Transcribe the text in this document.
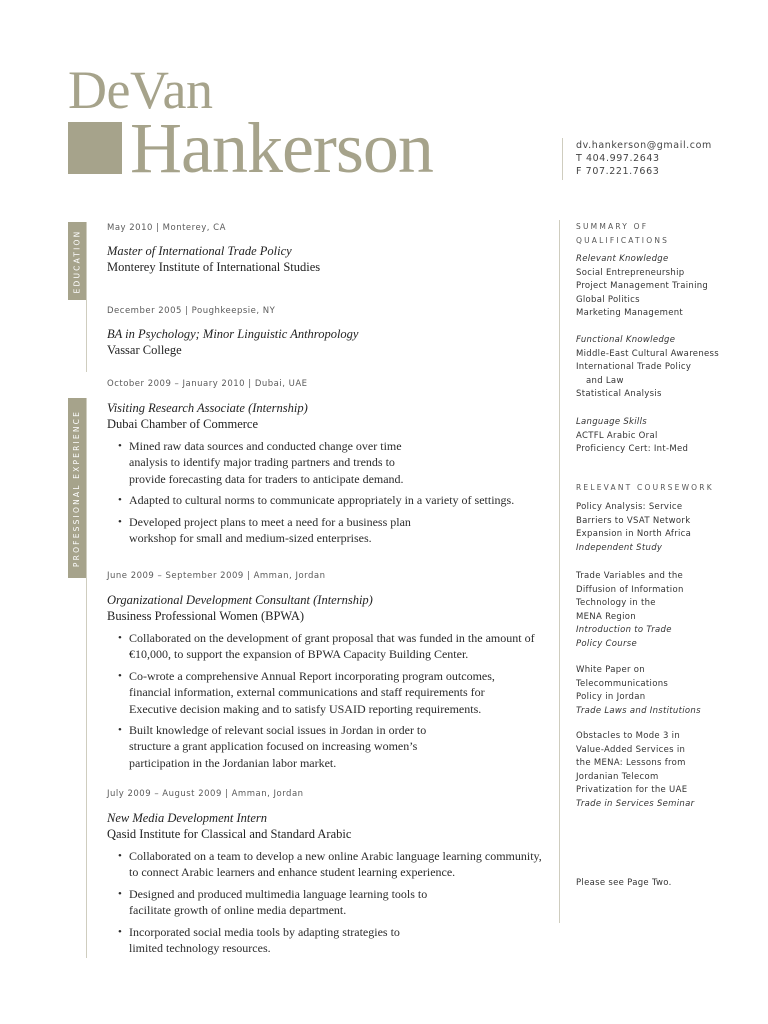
DeVan
Hankerson	dv.hankerson@gmail.com
T 404.997.2643
F 707.221.7663
EDUCATION
PROFESSIONAL EXPERIENCE
May 2010 | Monterey, CA
Master of International Trade Policy
Monterey Institute of International Studies
December 2005 | Poughkeepsie, NY
BA in Psychology; Minor Linguistic Anthropology
Vassar College
October 2009 – January 2010 | Dubai, UAE
Visiting Research Associate (Internship)
Dubai Chamber of Commerce
• Mined raw data sources and conducted change over time analysis to identify major trading partners and trends to provide forecasting data for traders to anticipate demand.
• Adapted to cultural norms to communicate appropriately in a variety of settings.
• Developed project plans to meet a need for a business plan workshop for small and medium-sized enterprises.
June 2009 – September 2009 | Amman, Jordan
Organizational Development Consultant (Internship)
Business Professional Women (BPWA)
• Collaborated on the development of grant proposal that was funded in the amount of €10,000, to support the expansion of BPWA Capacity Building Center.
• Co-wrote a comprehensive Annual Report incorporating program outcomes, financial information, external communications and staff requirements for Executive decision making and to satisfy USAID reporting requirements.
• Built knowledge of relevant social issues in Jordan in order to structure a grant application focused on increasing women’s participation in the Jordanian labor market.
July 2009 – August 2009 | Amman, Jordan
New Media Development Intern
Qasid Institute for Classical and Standard Arabic
• Collaborated on a team to develop a new online Arabic language learning community, to connect Arabic learners and enhance student learning experience.
• Designed and produced multimedia language learning tools to facilitate growth of online media department.
• Incorporated social media tools by adapting strategies to limited technology resources.
SUMMARY OF QUALIFICATIONS
Relevant Knowledge
Social Entrepreneurship
Project Management Training
Global Politics
Marketing Management
Functional Knowledge
Middle-East Cultural Awareness
International Trade Policy
and Law
Statistical Analysis
Language Skills
ACTFL Arabic Oral
Proficiency Cert: Int-Med
RELEVANT COURSEWORK
Policy Analysis: Service
Barriers to VSAT Network
Expansion in North Africa
Independent Study
Trade Variables and the
Diffusion of Information
Technology in the
MENA Region
Introduction to Trade Policy Course
White Paper on
Telecommunications
Policy in Jordan
Trade Laws and Institutions
Obstacles to Mode 3 in
Value-Added Services in
the MENA: Lessons from
Jordanian Telecom
Privatization for the UAE
Trade in Services Seminar
Please see Page Two.
